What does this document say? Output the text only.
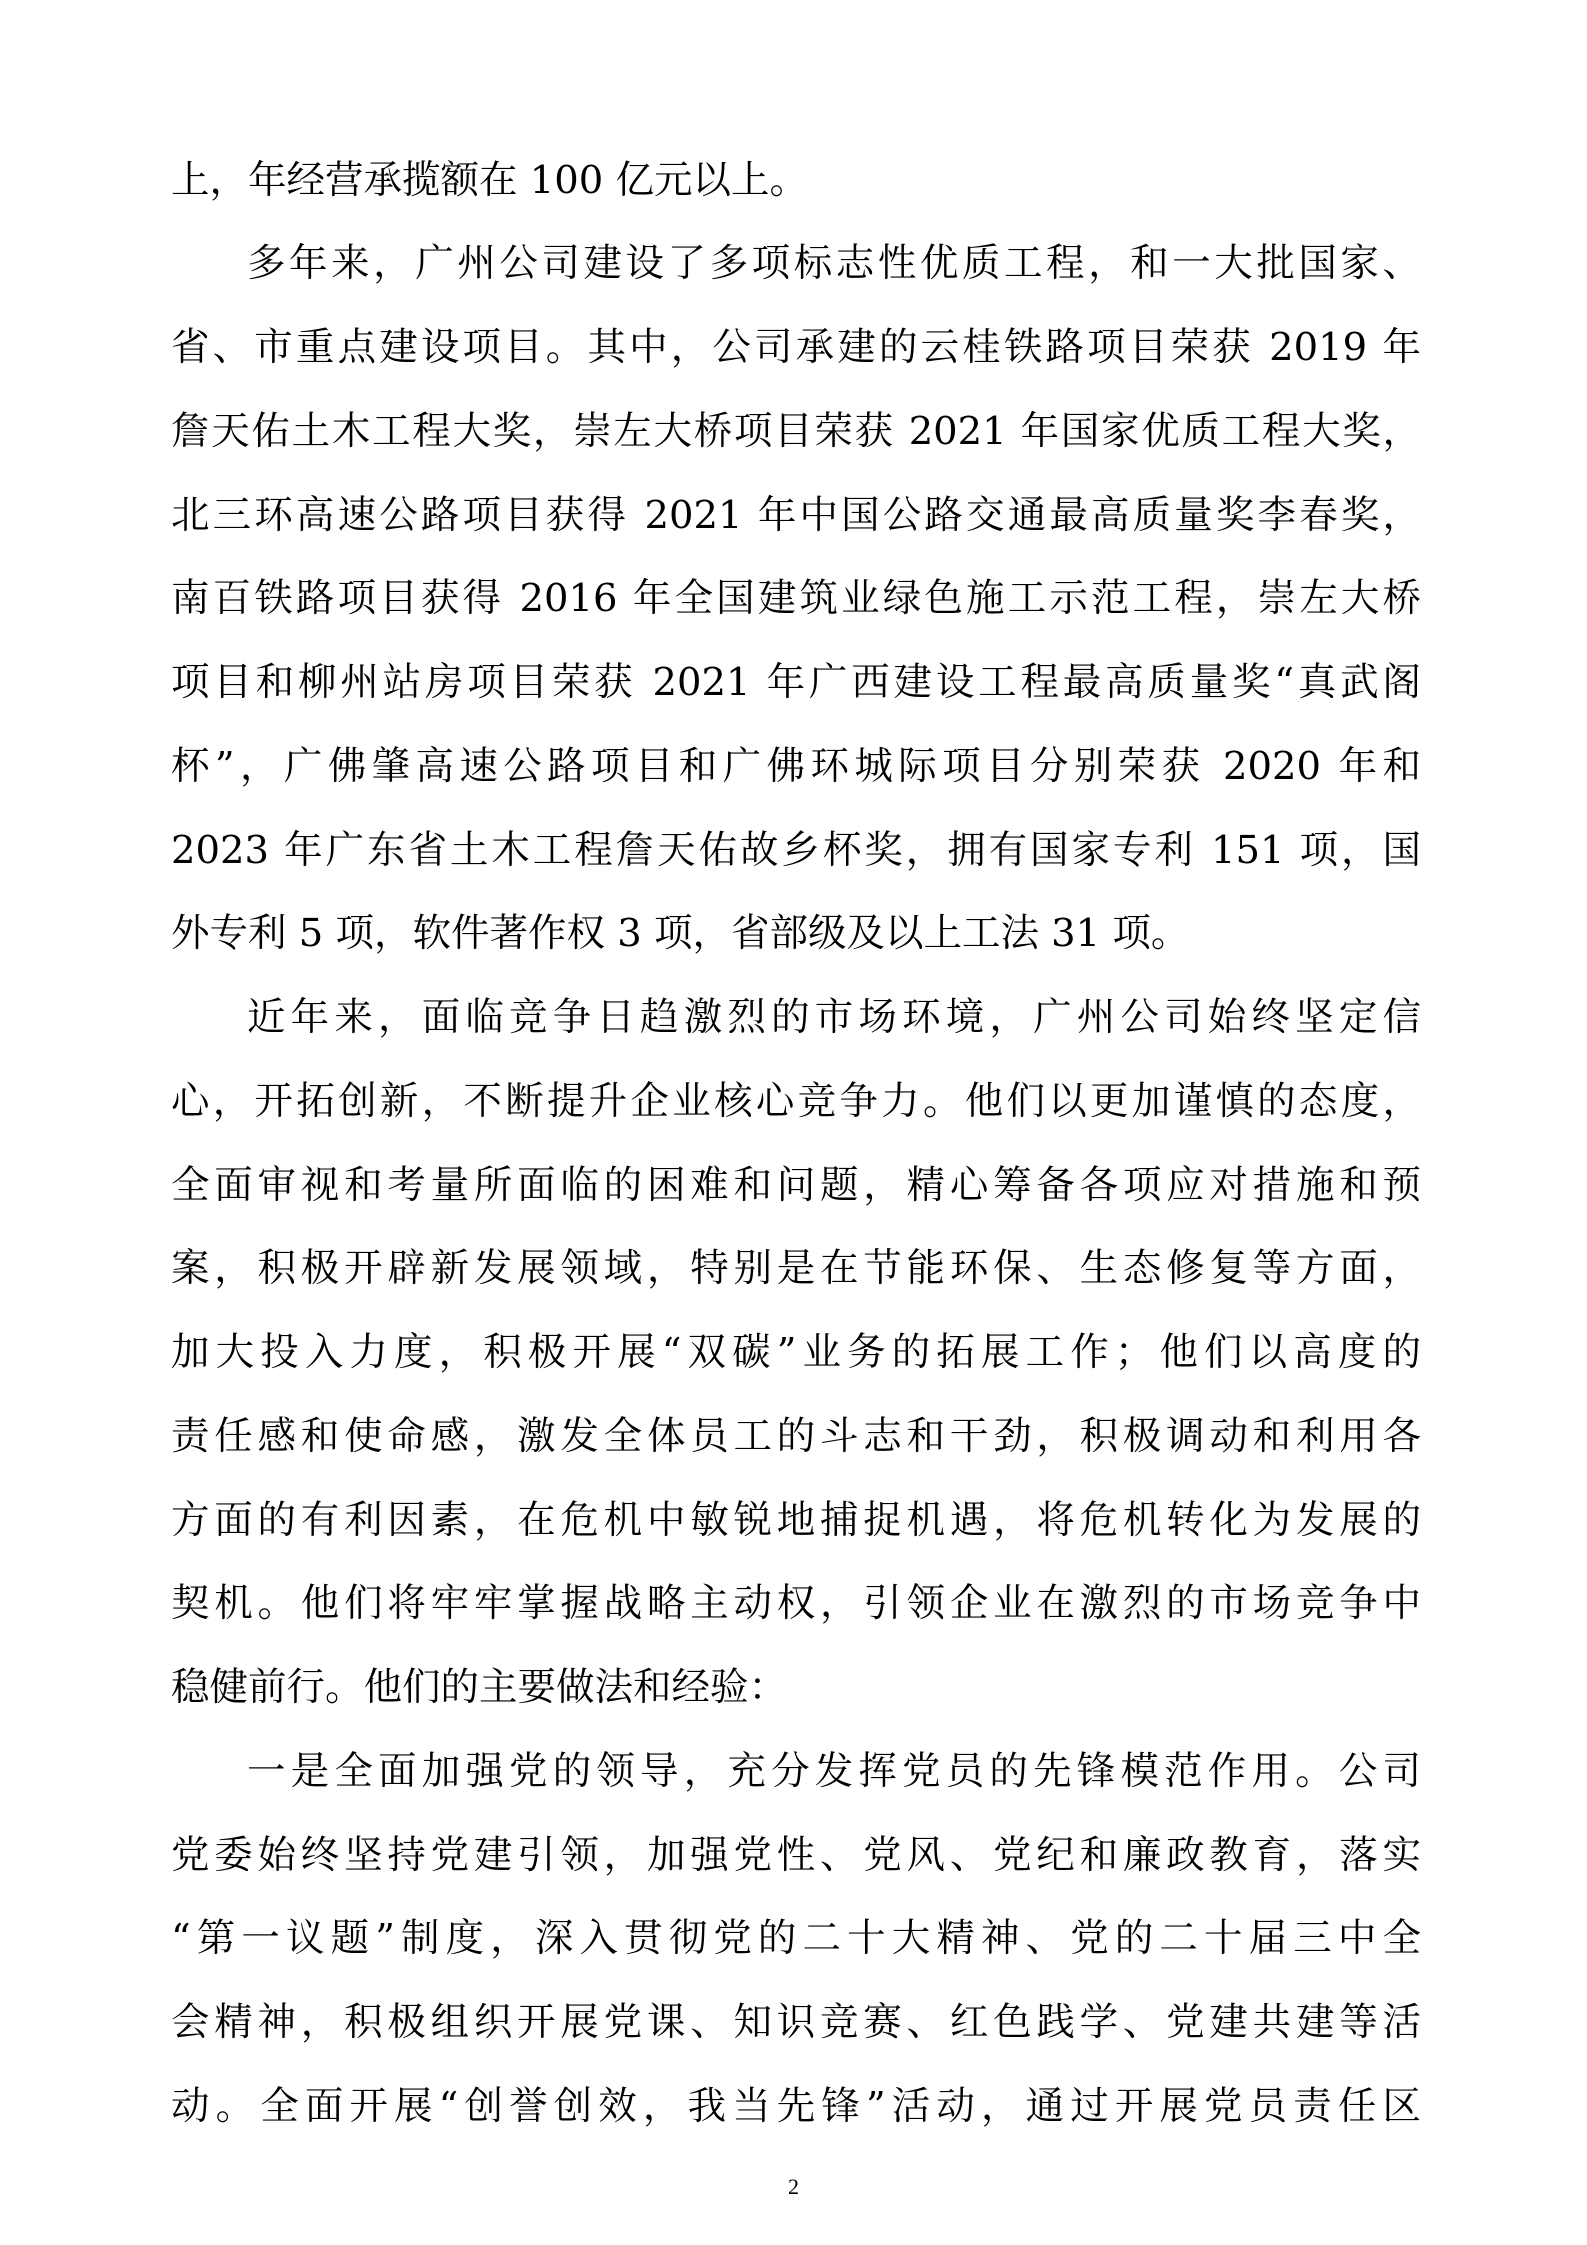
上，年经营承揽额在 100 亿元以上。
多年来，广州公司建设了多项标志性优质工程，和一大批国家、
省、市重点建设项目。其中，公司承建的云桂铁路项目荣获 2019 年
詹天佑土木工程大奖，崇左大桥项目荣获 2021 年国家优质工程大奖，
北三环高速公路项目获得 2021 年中国公路交通最高质量奖李春奖，
南百铁路项目获得 2016 年全国建筑业绿色施工示范工程，崇左大桥
项目和柳州站房项目荣获 2021 年广西建设工程最高质量奖“真武阁
杯”，广佛肇高速公路项目和广佛环城际项目分别荣获 2020 年和
2023 年广东省土木工程詹天佑故乡杯奖，拥有国家专利 151 项，国
外专利 5 项，软件著作权 3 项，省部级及以上工法 31 项。
近年来，面临竞争日趋激烈的市场环境，广州公司始终坚定信
心，开拓创新，不断提升企业核心竞争力。他们以更加谨慎的态度，
全面审视和考量所面临的困难和问题，精心筹备各项应对措施和预
案，积极开辟新发展领域，特别是在节能环保、生态修复等方面，
加大投入力度，积极开展“双碳”业务的拓展工作；他们以高度的
责任感和使命感，激发全体员工的斗志和干劲，积极调动和利用各
方面的有利因素，在危机中敏锐地捕捉机遇，将危机转化为发展的
契机。他们将牢牢掌握战略主动权，引领企业在激烈的市场竞争中
稳健前行。他们的主要做法和经验：
一是全面加强党的领导，充分发挥党员的先锋模范作用。公司
党委始终坚持党建引领，加强党性、党风、党纪和廉政教育，落实
“第一议题”制度，深入贯彻党的二十大精神、党的二十届三中全
会精神，积极组织开展党课、知识竞赛、红色践学、党建共建等活
动。全面开展“创誉创效，我当先锋”活动，通过开展党员责任区
2
